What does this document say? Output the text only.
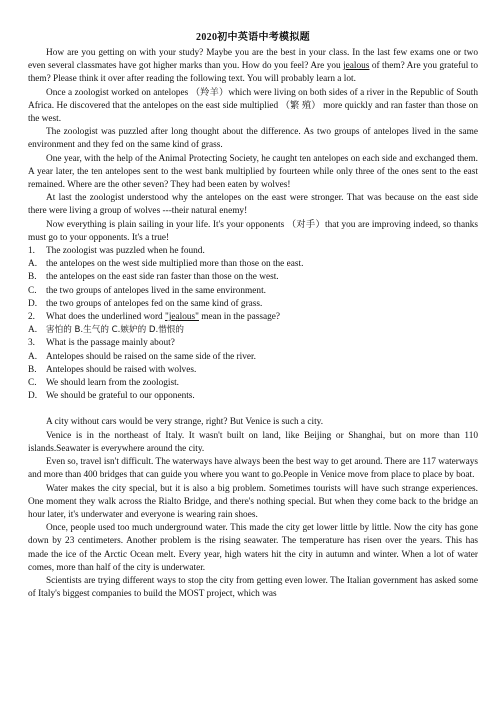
2020初中英语中考模拟题

How are you getting on with your study? Maybe you are the best in your class. In the last few exams one or two even several classmates have got higher marks than you. How do you feel? Are you jealous of them? Are you grateful to them? Please think it over after reading the following text. You will probably learn a lot.

Once a zoologist worked on antelopes （羚羊）which were living on both sides of a river in the Republic of South Africa. He discovered that the antelopes on the east side multiplied （繁 殖） more quickly and ran faster than those on the west.

The zoologist was puzzled after long thought about the difference. As two groups of antelopes lived in the same environment and they fed on the same kind of grass.

One year, with the help of the Animal Protecting Society, he caught ten antelopes on each side and exchanged them. A year later, the ten antelopes sent to the west bank multiplied by fourteen while only three of the ones sent to the east remained. Where are the other seven? They had been eaten by wolves!

At last the zoologist understood why the antelopes on the east were stronger. That was because on the east side there were living a group of wolves ---their natural enemy!

Now everything is plain sailing in your life. It's your opponents （对手）that you are improving indeed, so thanks must go to your opponents. It's a true!

1. The zoologist was puzzled when he found.

A. the antelopes on the west side multiplied more than those on the east.

B. the antelopes on the east side ran faster than those on the west.

C. the two groups of antelopes lived in the same environment.

D. the two groups of antelopes fed on the same kind of grass.

2. What does the underlined word "jealous" mean in the passage?

A. 害怕的 B.生气的 C.嫉妒的 D.惜恨的

3. What is the passage mainly about?

A. Antelopes should be raised on the same side of the river.

B. Antelopes should be raised with wolves.

C. We should learn from the zoologist.

D. We should be grateful to our opponents.

A city without cars would be very strange, right? But Venice is such a city.

Venice is in the northeast of Italy. It wasn't built on land, like Beijing or Shanghai, but on more than 110 islands.Seawater is everywhere around the city.

Even so, travel isn't difficult. The waterways have always been the best way to get around. There are 117 waterways and more than 400 bridges that can guide you where you want to go.People in Venice move from place to place by boat.

Water makes the city special, but it is also a big problem. Sometimes tourists will have such strange experiences. One moment they walk across the Rialto Bridge, and there's nothing special. But when they come back to the bridge an hour later, it's underwater and everyone is wearing rain shoes.

Once, people used too much underground water. This made the city get lower little by little. Now the city has gone down by 23 centimeters. Another problem is the rising seawater. The temperature has risen over the years. This has made the ice of the Arctic Ocean melt. Every year, high waters hit the city in autumn and winter. When a lot of water comes, more than half of the city is underwater.

Scientists are trying different ways to stop the city from getting even lower. The Italian government has asked some of Italy's biggest companies to build the MOST project, which was
